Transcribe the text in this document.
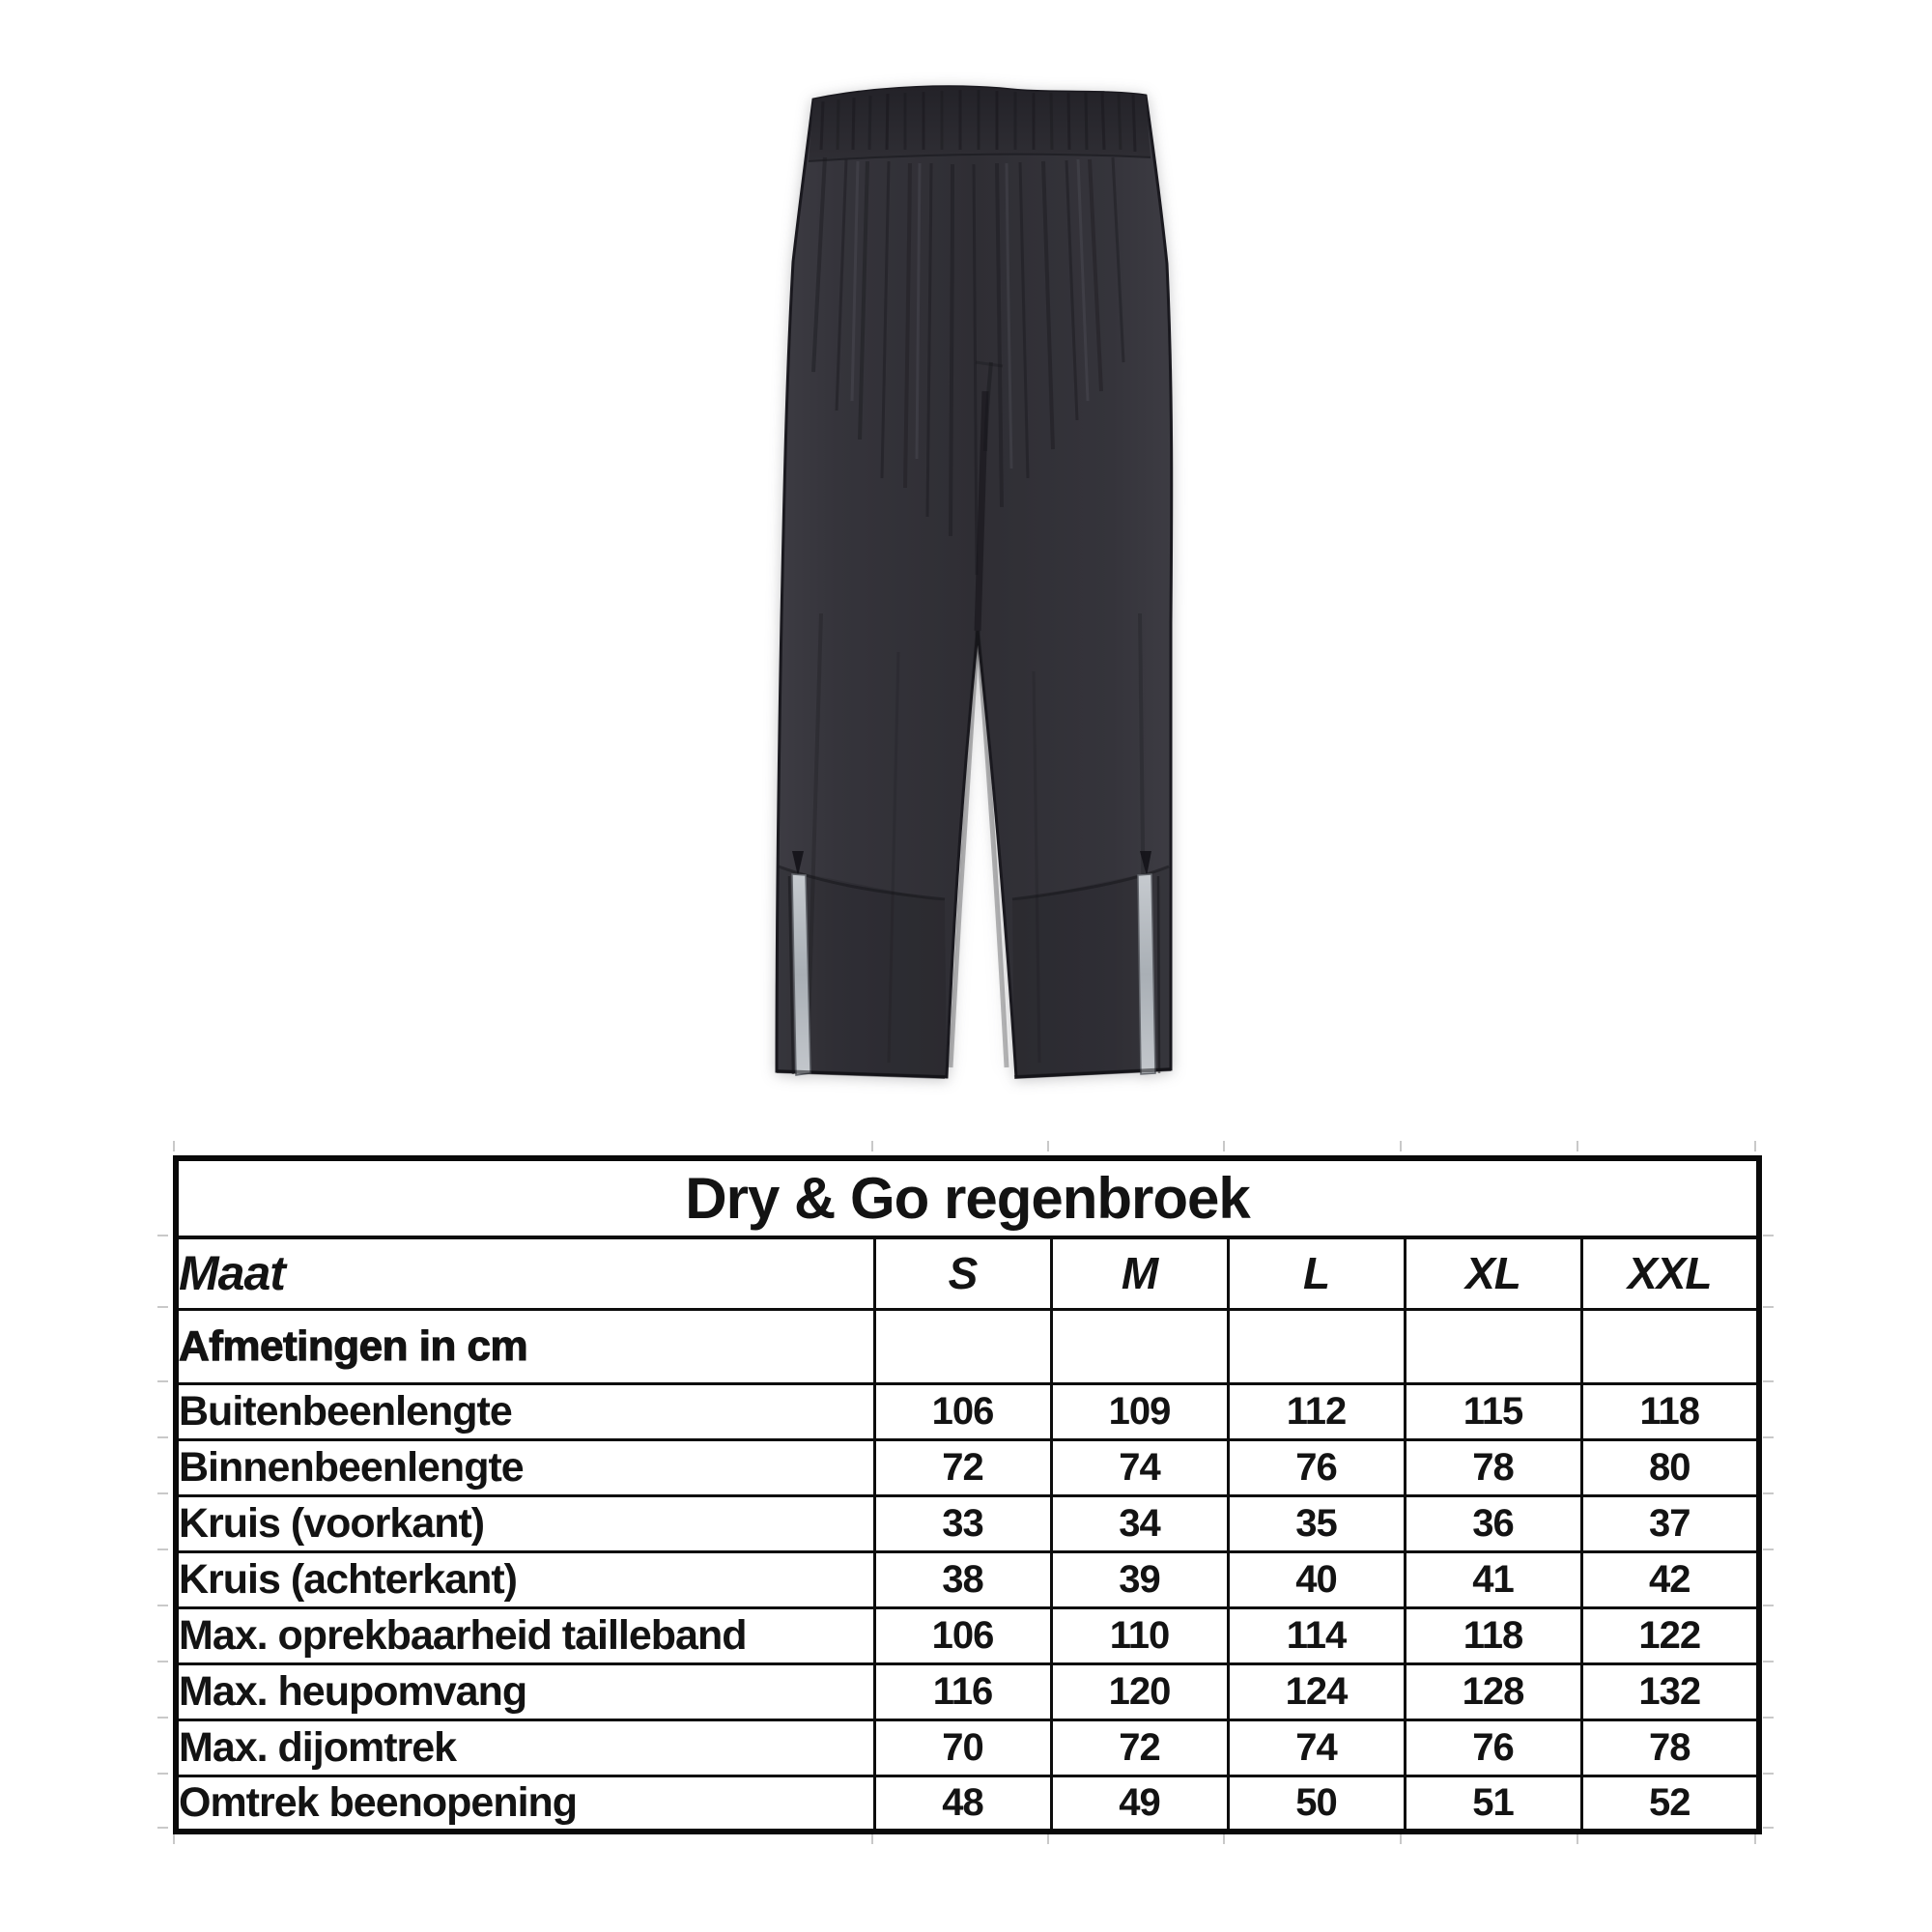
Dry & Go regenbroek					
Maat	S	M	L	XL	XXL
Afmetingen in cm					
Buitenbeenlengte	106	109	112	115	118
Binnenbeenlengte	72	74	76	78	80
Kruis (voorkant)	33	34	35	36	37
Kruis (achterkant)	38	39	40	41	42
Max. oprekbaarheid tailleband	106	110	114	118	122
Max. heupomvang	116	120	124	128	132
Max. dijomtrek	70	72	74	76	78
Omtrek beenopening	48	49	50	51	52
